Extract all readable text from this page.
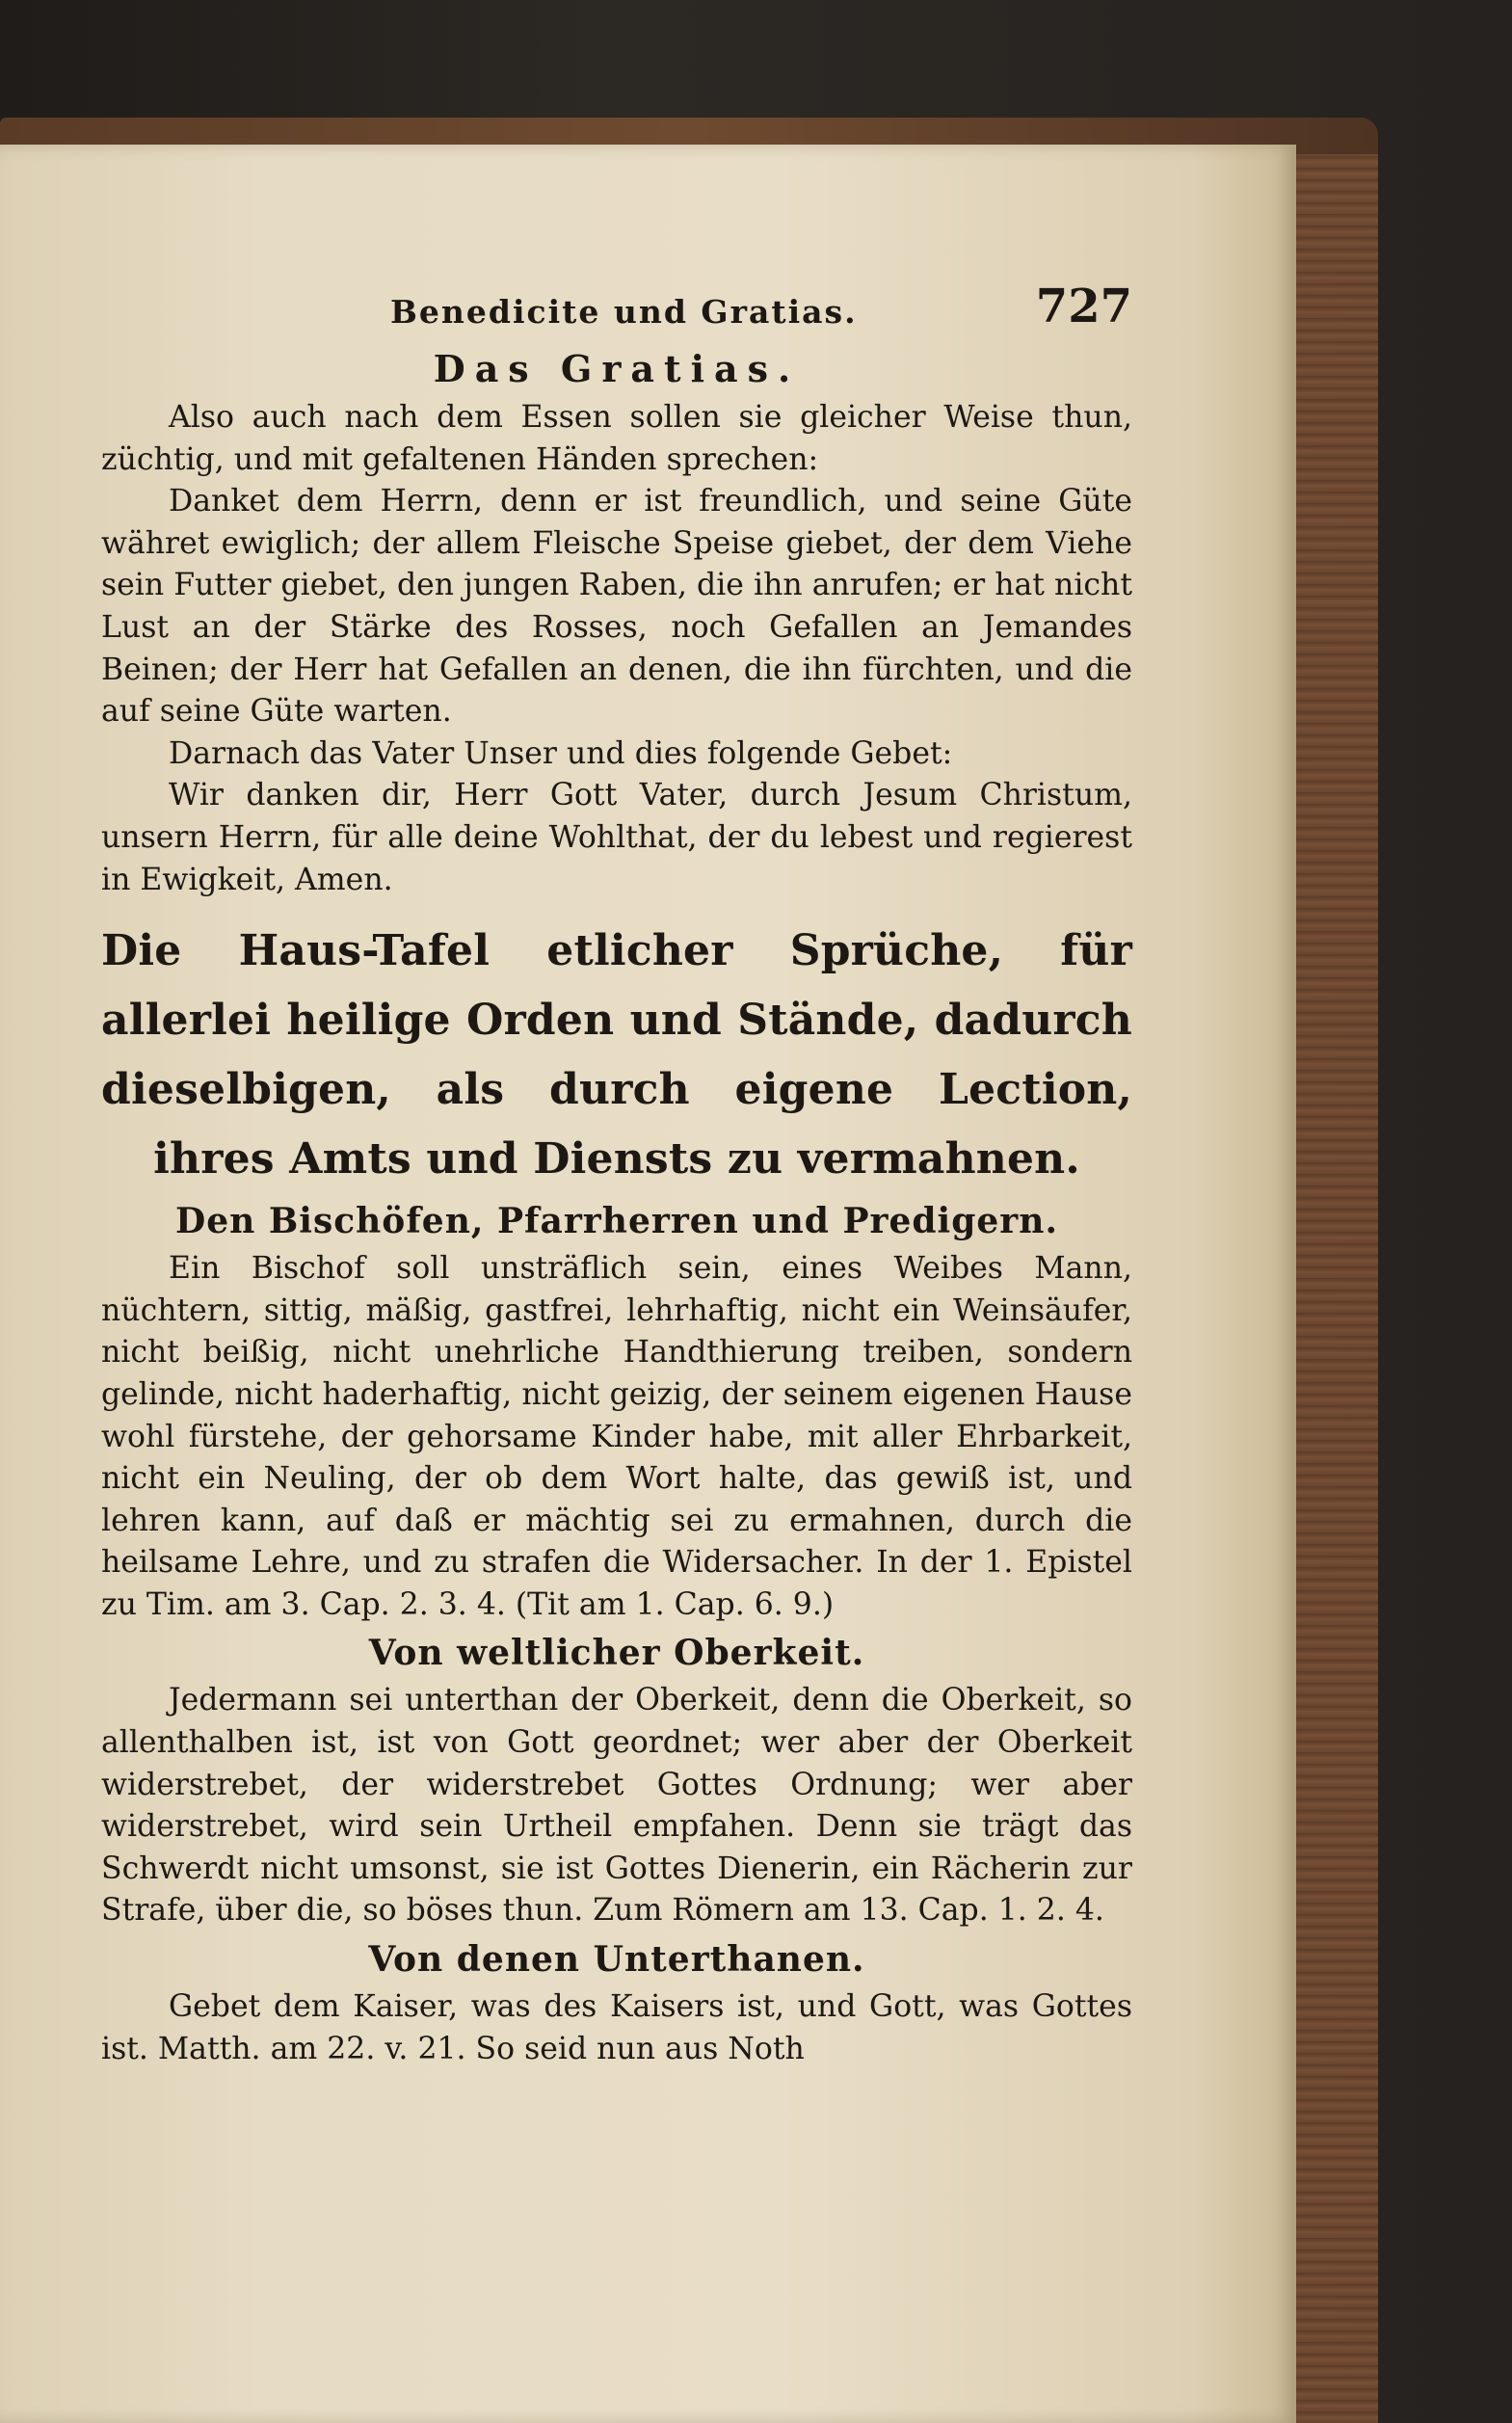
Benedicite und Gratias.	727
Das Gratias.

Also auch nach dem Essen sollen sie gleicher Weise thun, züchtig, und mit gefaltenen Händen sprechen:

Danket dem Herrn, denn er ist freundlich, und seine Güte währet ewiglich; der allem Fleische Speise giebet, der dem Viehe sein Futter giebet, den jungen Raben, die ihn anrufen; er hat nicht Lust an der Stärke des Rosses, noch Gefallen an Jemandes Beinen; der Herr hat Gefallen an denen, die ihn fürchten, und die auf seine Güte warten.

Darnach das Vater Unser und dies folgende Gebet:

Wir danken dir, Herr Gott Vater, durch Jesum Christum, unsern Herrn, für alle deine Wohlthat, der du lebest und regierest in Ewigkeit, Amen.

Die Haus-Tafel etlicher Sprüche, für allerlei heilige Orden und Stände, dadurch dieselbigen, als durch eigene Lection, ihres Amts und Diensts zu vermahnen.
Den Bischöfen, Pfarrherren und Predigern.

Ein Bischof soll unsträflich sein, eines Weibes Mann, nüchtern, sittig, mäßig, gastfrei, lehrhaftig, nicht ein Weinsäufer, nicht beißig, nicht unehrliche Handthierung treiben, sondern gelinde, nicht haderhaftig, nicht geizig, der seinem eigenen Hause wohl fürstehe, der gehorsame Kinder habe, mit aller Ehrbarkeit, nicht ein Neuling, der ob dem Wort halte, das gewiß ist, und lehren kann, auf daß er mächtig sei zu ermahnen, durch die heilsame Lehre, und zu strafen die Widersacher. In der 1. Epistel zu Tim. am 3. Cap. 2. 3. 4. (Tit am 1. Cap. 6. 9.)

Von weltlicher Oberkeit.

Jedermann sei unterthan der Oberkeit, denn die Oberkeit, so allenthalben ist, ist von Gott geordnet; wer aber der Oberkeit widerstrebet, der widerstrebet Gottes Ordnung; wer aber widerstrebet, wird sein Urtheil empfahen. Denn sie trägt das Schwerdt nicht umsonst, sie ist Gottes Dienerin, ein Rächerin zur Strafe, über die, so böses thun. Zum Römern am 13. Cap. 1. 2. 4.

Von denen Unterthanen.

Gebet dem Kaiser, was des Kaisers ist, und Gott, was Gottes ist. Matth. am 22. v. 21. So seid nun aus Noth
